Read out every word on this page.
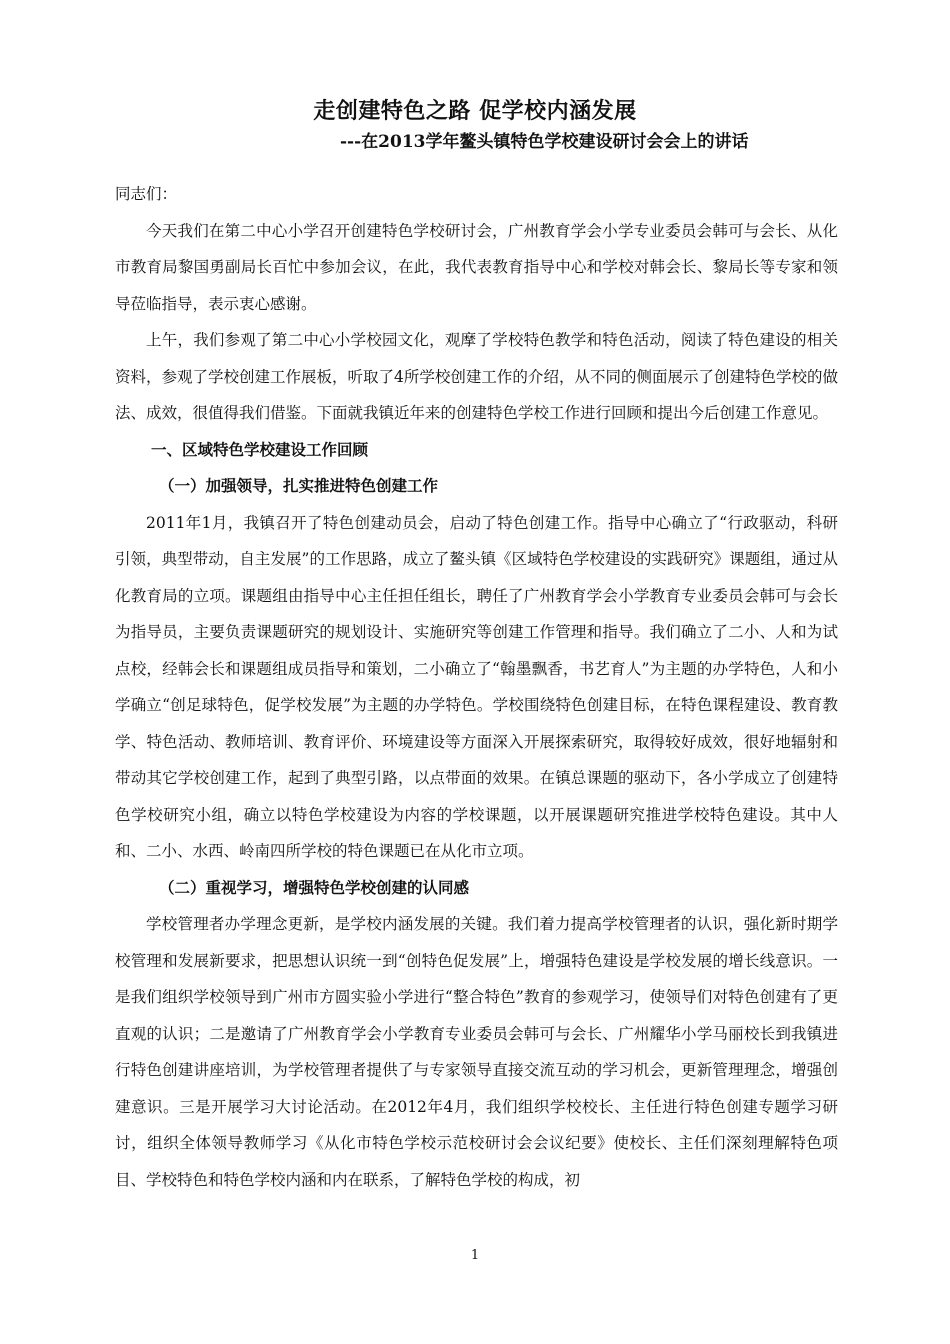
走创建特色之路 促学校内涵发展
---在2013学年鳌头镇特色学校建设研讨会会上的讲话

同志们：

今天我们在第二中心小学召开创建特色学校研讨会，广州教育学会小学专业委员会韩可与会长、从化市教育局黎国勇副局长百忙中参加会议，在此，我代表教育指导中心和学校对韩会长、黎局长等专家和领导莅临指导，表示衷心感谢。

上午，我们参观了第二中心小学校园文化，观摩了学校特色教学和特色活动，阅读了特色建设的相关资料，参观了学校创建工作展板，听取了4所学校创建工作的介绍，从不同的侧面展示了创建特色学校的做法、成效，很值得我们借鉴。下面就我镇近年来的创建特色学校工作进行回顾和提出今后创建工作意见。

一、区域特色学校建设工作回顾

（一）加强领导，扎实推进特色创建工作

2011年1月，我镇召开了特色创建动员会，启动了特色创建工作。指导中心确立了“行政驱动，科研引领，典型带动，自主发展”的工作思路，成立了鳌头镇《区域特色学校建设的实践研究》课题组，通过从化教育局的立项。课题组由指导中心主任担任组长，聘任了广州教育学会小学教育专业委员会韩可与会长为指导员，主要负责课题研究的规划设计、实施研究等创建工作管理和指导。我们确立了二小、人和为试点校，经韩会长和课题组成员指导和策划，二小确立了“翰墨飘香，书艺育人”为主题的办学特色，人和小学确立“创足球特色，促学校发展”为主题的办学特色。学校围绕特色创建目标，在特色课程建设、教育教学、特色活动、教师培训、教育评价、环境建设等方面深入开展探索研究，取得较好成效，很好地辐射和带动其它学校创建工作，起到了典型引路，以点带面的效果。在镇总课题的驱动下，各小学成立了创建特色学校研究小组，确立以特色学校建设为内容的学校课题，以开展课题研究推进学校特色建设。其中人和、二小、水西、岭南四所学校的特色课题已在从化市立项。

（二）重视学习，增强特色学校创建的认同感

学校管理者办学理念更新，是学校内涵发展的关键。我们着力提高学校管理者的认识，强化新时期学校管理和发展新要求，把思想认识统一到“创特色促发展”上，增强特色建设是学校发展的增长线意识。一是我们组织学校领导到广州市方圆实验小学进行“整合特色”教育的参观学习，使领导们对特色创建有了更直观的认识；二是邀请了广州教育学会小学教育专业委员会韩可与会长、广州耀华小学马丽校长到我镇进行特色创建讲座培训，为学校管理者提供了与专家领导直接交流互动的学习机会，更新管理理念，增强创建意识。三是开展学习大讨论活动。在2012年4月，我们组织学校校长、主任进行特色创建专题学习研讨，组织全体领导教师学习《从化市特色学校示范校研讨会会议纪要》使校长、主任们深刻理解特色项目、学校特色和特色学校内涵和内在联系，了解特色学校的构成，初

1
